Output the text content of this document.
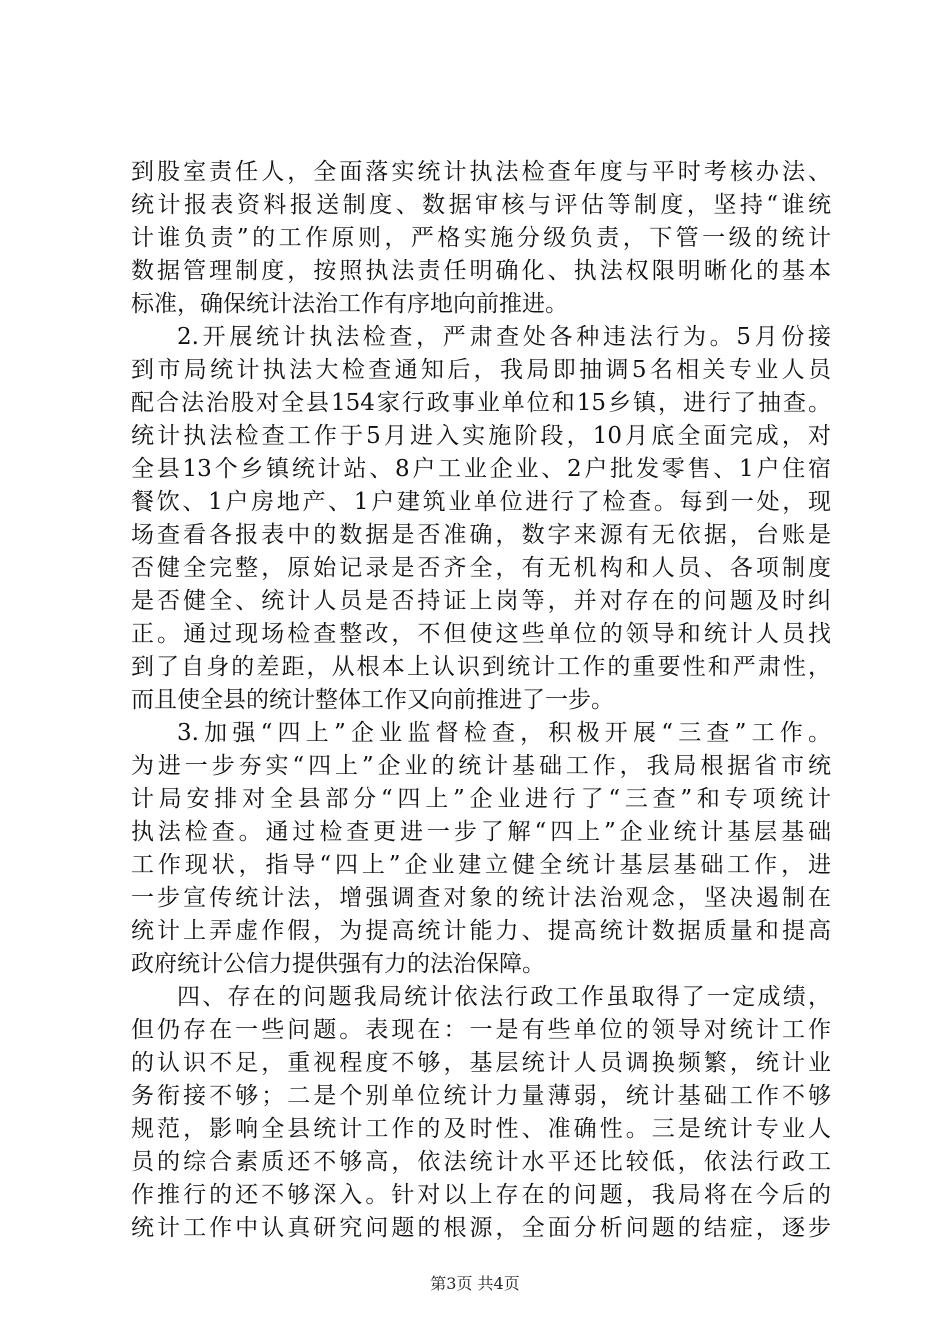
到股室责任人，全面落实统计执法检查年度与平时考核办法、
统计报表资料报送制度、数据审核与评估等制度，坚持“谁统
计谁负责”的工作原则，严格实施分级负责，下管一级的统计
数据管理制度，按照执法责任明确化、执法权限明晰化的基本
标准，确保统计法治工作有序地向前推进。
2.开展统计执法检查，严肃查处各种违法行为。5月份接
到市局统计执法大检查通知后，我局即抽调5名相关专业人员
配合法治股对全县154家行政事业单位和15乡镇，进行了抽查。
统计执法检查工作于5月进入实施阶段，10月底全面完成，对
全县13个乡镇统计站、8户工业企业、2户批发零售、1户住宿
餐饮、1户房地产、1户建筑业单位进行了检查。每到一处，现
场查看各报表中的数据是否准确，数字来源有无依据，台账是
否健全完整，原始记录是否齐全，有无机构和人员、各项制度
是否健全、统计人员是否持证上岗等，并对存在的问题及时纠
正。通过现场检查整改，不但使这些单位的领导和统计人员找
到了自身的差距，从根本上认识到统计工作的重要性和严肃性，
而且使全县的统计整体工作又向前推进了一步。
3.加强“四上”企业监督检查，积极开展“三查”工作。
为进一步夯实“四上”企业的统计基础工作，我局根据省市统
计局安排对全县部分“四上”企业进行了“三查”和专项统计
执法检查。通过检查更进一步了解“四上”企业统计基层基础
工作现状，指导“四上”企业建立健全统计基层基础工作，进
一步宣传统计法，增强调查对象的统计法治观念，坚决遏制在
统计上弄虚作假，为提高统计能力、提高统计数据质量和提高
政府统计公信力提供强有力的法治保障。
四、存在的问题我局统计依法行政工作虽取得了一定成绩，
但仍存在一些问题。表现在：一是有些单位的领导对统计工作
的认识不足，重视程度不够，基层统计人员调换频繁，统计业
务衔接不够；二是个别单位统计力量薄弱，统计基础工作不够
规范，影响全县统计工作的及时性、准确性。三是统计专业人
员的综合素质还不够高，依法统计水平还比较低，依法行政工
作推行的还不够深入。针对以上存在的问题，我局将在今后的
统计工作中认真研究问题的根源，全面分析问题的结症，逐步
第3页 共4页
